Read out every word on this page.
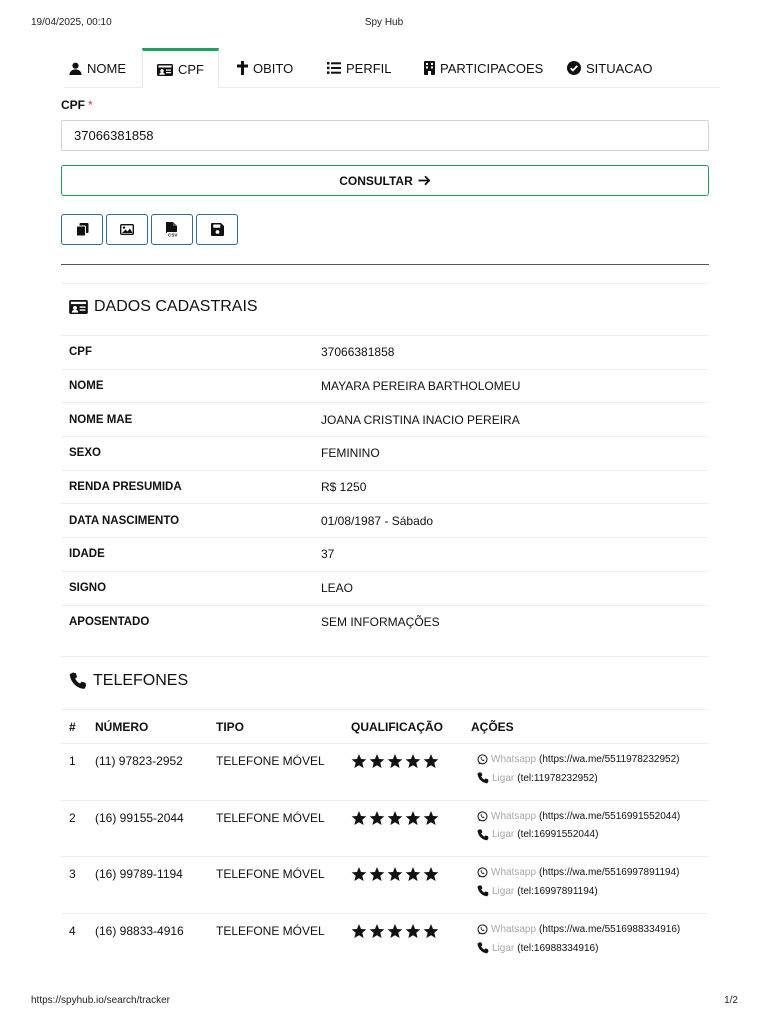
19/04/2025, 00:10	Spy Hub
NOME	CPF	OBITO	PERFIL	PARTICIPACOES	SITUACAO
CPF *
37066381858
CONSULTAR
CSV
DADOS CADASTRAIS
CPF	37066381858
NOME	MAYARA PEREIRA BARTHOLOMEU
NOME MAE	JOANA CRISTINA INACIO PEREIRA
SEXO	FEMININO
RENDA PRESUMIDA	R$ 1250
DATA NASCIMENTO	01/08/1987 - Sábado
IDADE	37
SIGNO	LEAO
APOSENTADO	SEM INFORMAÇÕES
TELEFONES
#	NÚMERO	TIPO	QUALIFICAÇÃO	AÇÕES
1	(11) 97823-2952	TELEFONE MÓVEL		Whatsapp (https://wa.me/5511978232952)
Ligar (tel:11978232952)

2	(16) 99155-2044	TELEFONE MÓVEL		Whatsapp (https://wa.me/5516991552044)
Ligar (tel:16991552044)

3	(16) 99789-1194	TELEFONE MÓVEL		Whatsapp (https://wa.me/5516997891194)
Ligar (tel:16997891194)

4	(16) 98833-4916	TELEFONE MÓVEL		Whatsapp (https://wa.me/5516988334916)
Ligar (tel:16988334916)
https://spyhub.io/search/tracker	1/2
